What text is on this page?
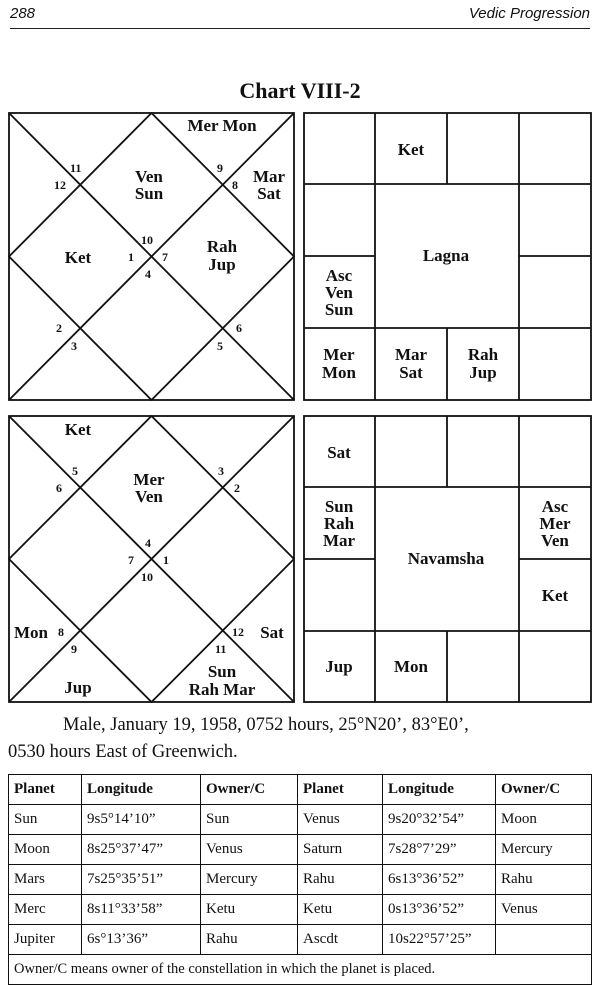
288	Vedic Progression
Chart VIII-2
11
12
9
8
10
1 7
4
2
3
6
5
Mer Mon
Ven
Sun
Mar
Sat
Ket
Rah
Jup	Lagna
Ket
Asc
Ven
Sun
Mer
Mon
Mar
Sat
Rah
Jup
5
6
3
2
4
7 1
10
8
9
12
11
Ket
Mer
Ven
Mon	Sat
Jup
Sun
Rah Mar
Navamsha
Sat
Sun
Rah
Mar
Asc
Mer
Ven
Ket
Jup Mon
Male, January 19, 1958, 0752 hours, 25°N20’, 83°E0’,
0530 hours East of Greenwich.
Planet	Longitude	Owner/C	Planet	Longitude	Owner/C
Sun	9s5°14’10”	Sun	Venus	9s20°32’54”	Moon
Moon	8s25°37’47”	Venus	Saturn	7s28°7’29”	Mercury
Mars	7s25°35’51”	Mercury	Rahu	6s13°36’52”	Rahu
Merc	8s11°33’58”	Ketu	Ketu	0s13°36’52”	Venus
Jupiter	6s°13’36”	Rahu	Ascdt	10s22°57’25”	
Owner/C means owner of the constellation in which the planet is placed.					
